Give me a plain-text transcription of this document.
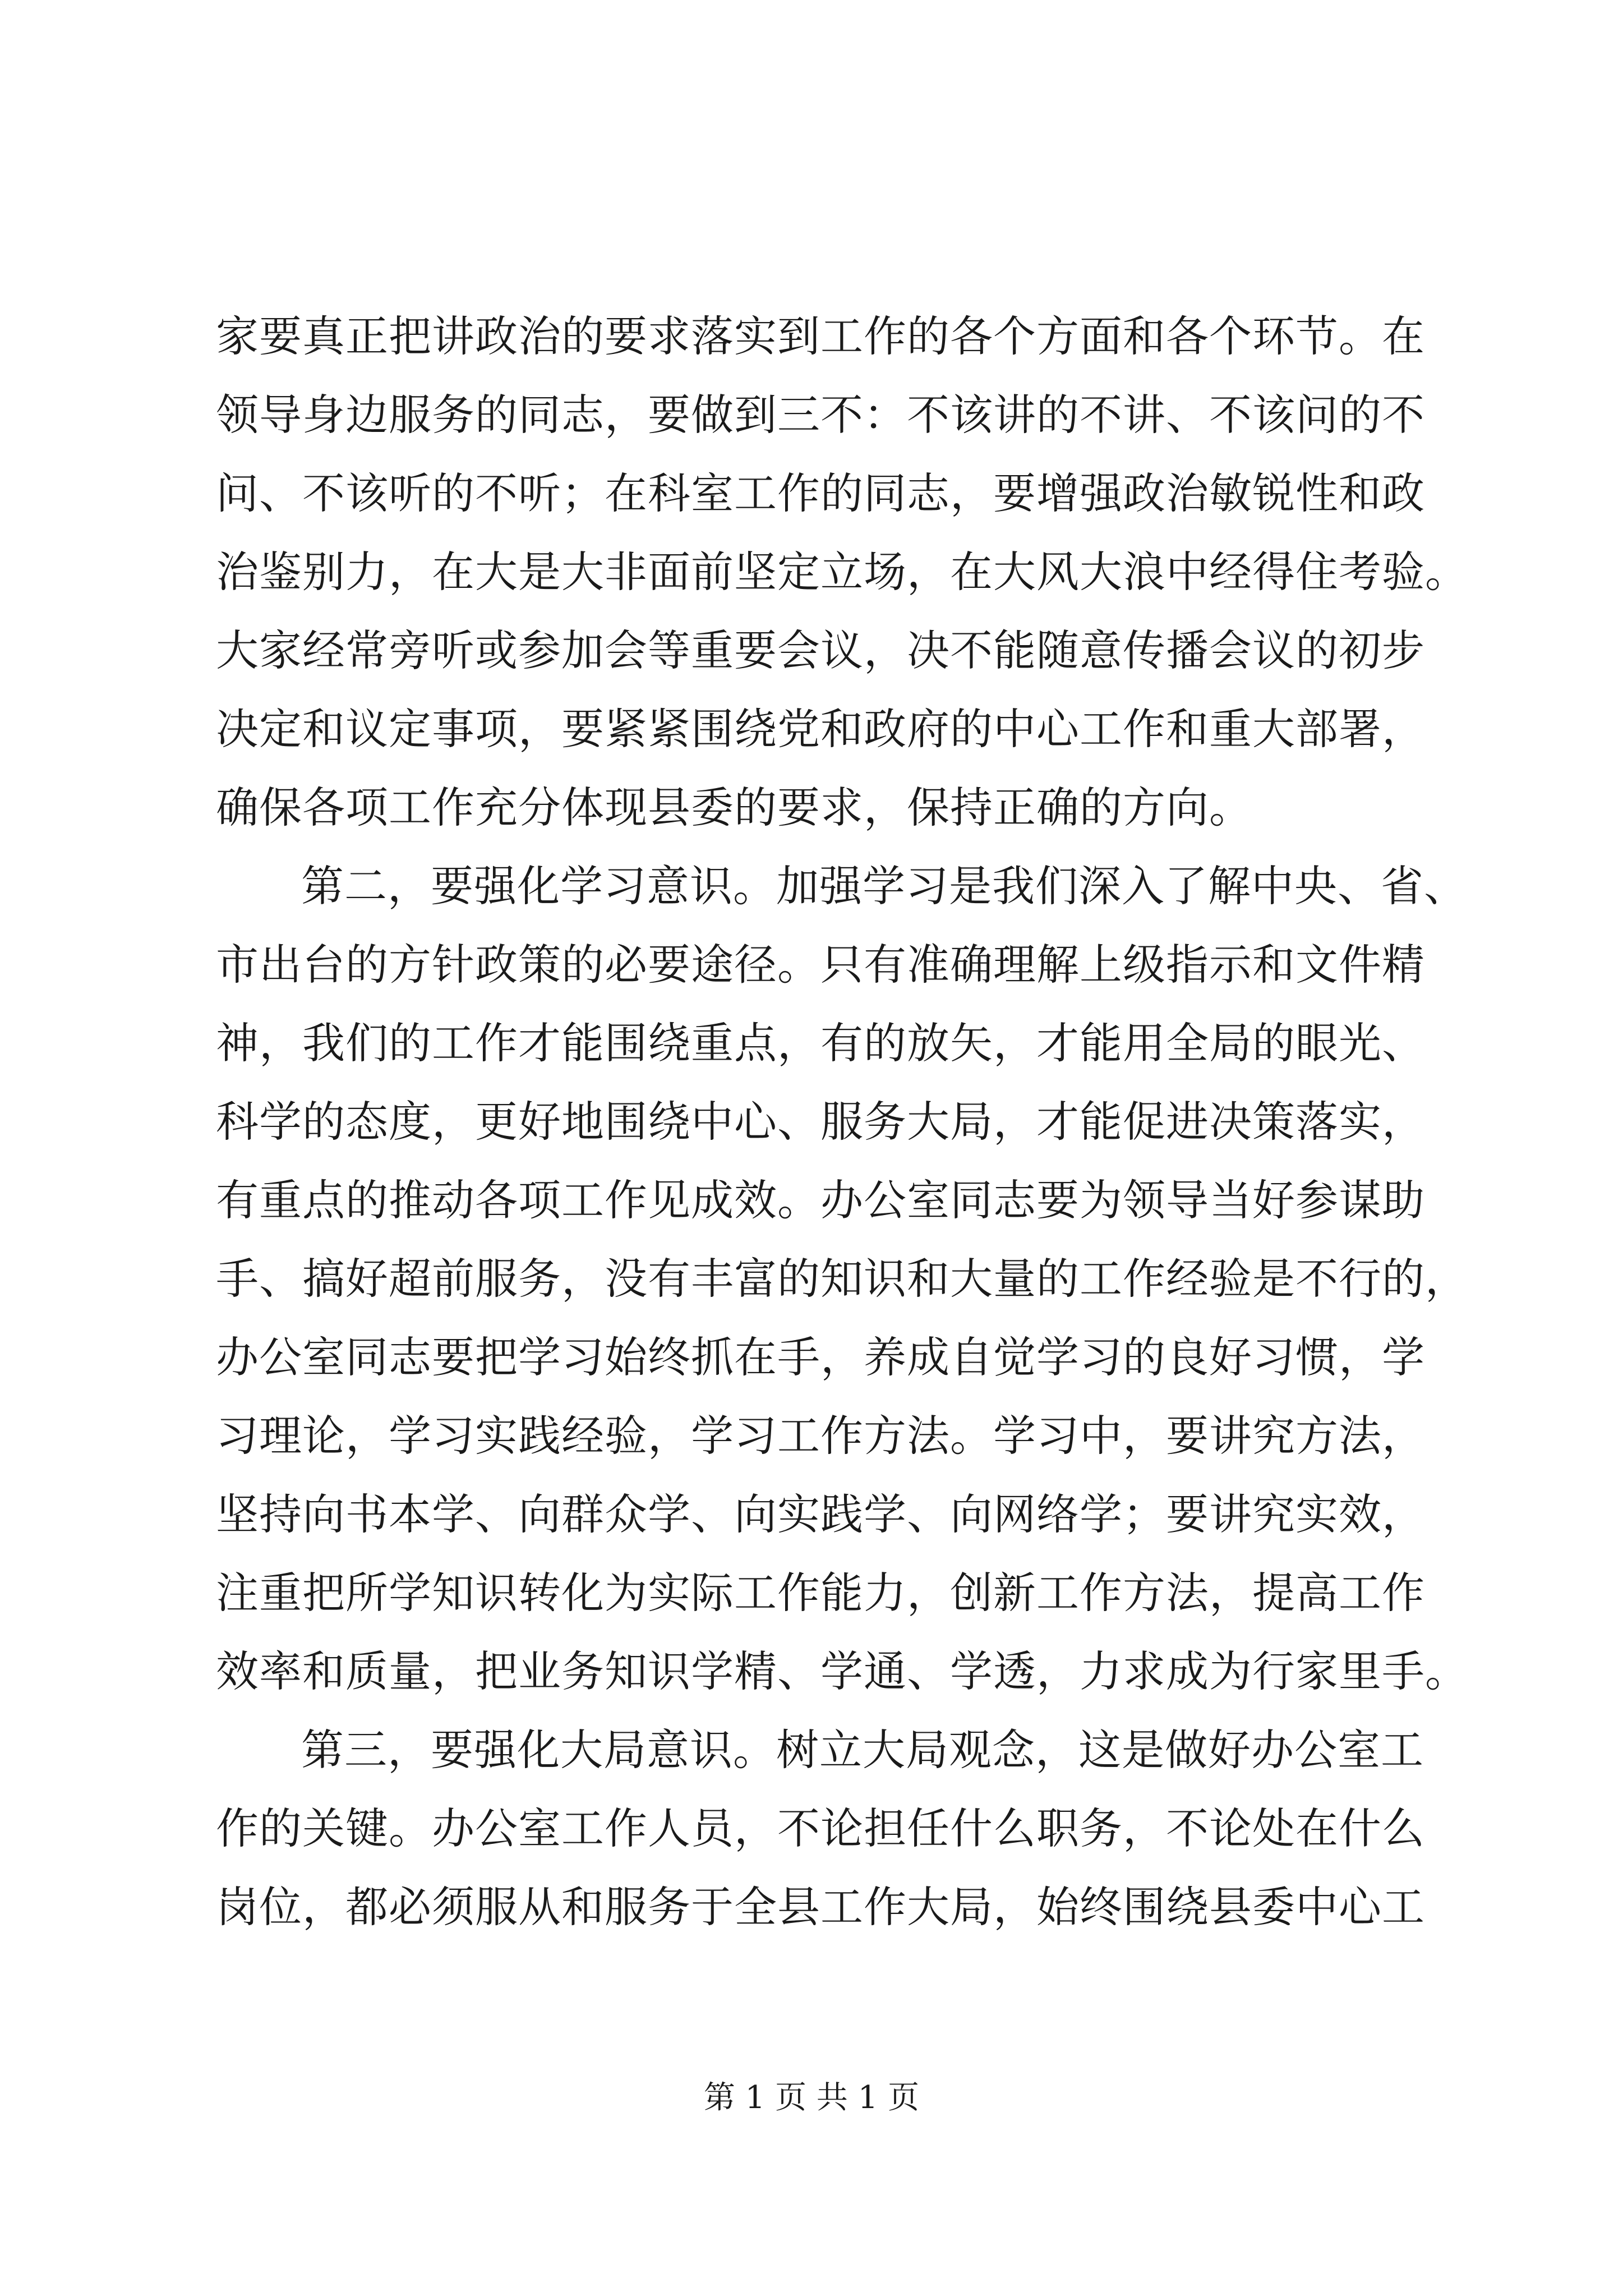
家要真正把讲政治的要求落实到工作的各个方面和各个环节。在
领导身边服务的同志，要做到三不：不该讲的不讲、不该问的不
问、不该听的不听；在科室工作的同志，要增强政治敏锐性和政
治鉴别力，在大是大非面前坚定立场，在大风大浪中经得住考验。
大家经常旁听或参加会等重要会议，决不能随意传播会议的初步
决定和议定事项，要紧紧围绕党和政府的中心工作和重大部署，
确保各项工作充分体现县委的要求，保持正确的方向。
第二，要强化学习意识。加强学习是我们深入了解中央、省、
市出台的方针政策的必要途径。只有准确理解上级指示和文件精
神，我们的工作才能围绕重点，有的放矢，才能用全局的眼光、
科学的态度，更好地围绕中心、服务大局，才能促进决策落实，
有重点的推动各项工作见成效。办公室同志要为领导当好参谋助
手、搞好超前服务，没有丰富的知识和大量的工作经验是不行的，
办公室同志要把学习始终抓在手，养成自觉学习的良好习惯，学
习理论，学习实践经验，学习工作方法。学习中，要讲究方法，
坚持向书本学、向群众学、向实践学、向网络学；要讲究实效，
注重把所学知识转化为实际工作能力，创新工作方法，提高工作
效率和质量，把业务知识学精、学通、学透，力求成为行家里手。
第三，要强化大局意识。树立大局观念，这是做好办公室工
作的关键。办公室工作人员，不论担任什么职务，不论处在什么
岗位，都必须服从和服务于全县工作大局，始终围绕县委中心工
第 1 页 共 1 页
